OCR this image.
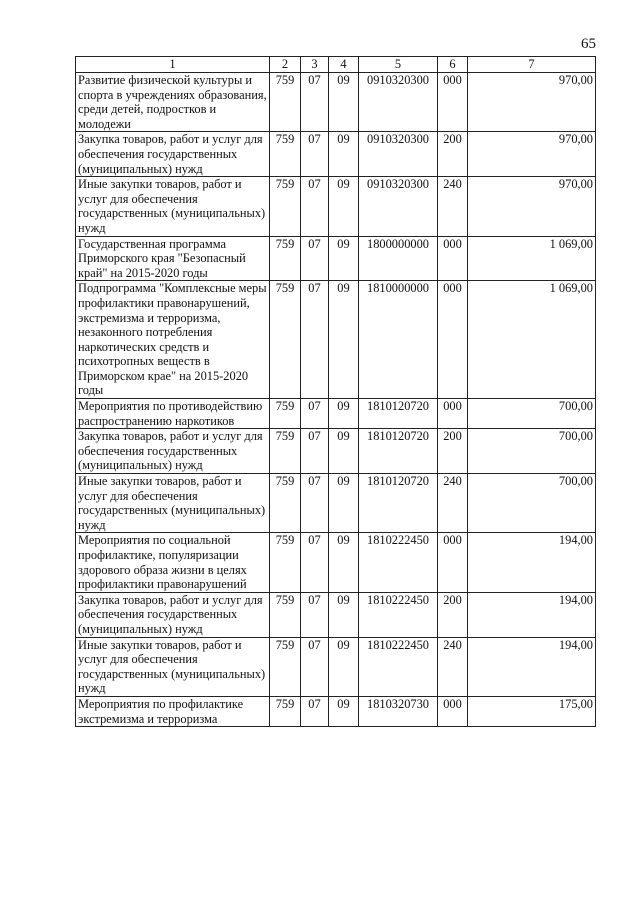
65
1	2	3	4	5	6	7
Развитие физической культуры и спорта в учреждениях образования, среди детей, подростков и молодежи	759	07	09	0910320300	000	970,00
Закупка товаров, работ и услуг для обеспечения государственных (муниципальных) нужд	759	07	09	0910320300	200	970,00
Иные закупки товаров, работ и услуг для обеспечения государственных (муниципальных) нужд	759	07	09	0910320300	240	970,00
Государственная программа Приморского края "Безопасный край" на 2015-2020 годы	759	07	09	1800000000	000	1 069,00
Подпрограмма "Комплексные меры профилактики правонарушений, экстремизма и терроризма, незаконного потребления наркотических средств и психотропных веществ в Приморском крае" на 2015-2020 годы	759	07	09	1810000000	000	1 069,00
Мероприятия по противодействию распространению наркотиков	759	07	09	1810120720	000	700,00
Закупка товаров, работ и услуг для обеспечения государственных (муниципальных) нужд	759	07	09	1810120720	200	700,00
Иные закупки товаров, работ и услуг для обеспечения государственных (муниципальных) нужд	759	07	09	1810120720	240	700,00
Мероприятия по социальной профилактике, популяризации здорового образа жизни в целях профилактики правонарушений	759	07	09	1810222450	000	194,00
Закупка товаров, работ и услуг для обеспечения государственных (муниципальных) нужд	759	07	09	1810222450	200	194,00
Иные закупки товаров, работ и услуг для обеспечения государственных (муниципальных) нужд	759	07	09	1810222450	240	194,00
Мероприятия по профилактике экстремизма и терроризма	759	07	09	1810320730	000	175,00
